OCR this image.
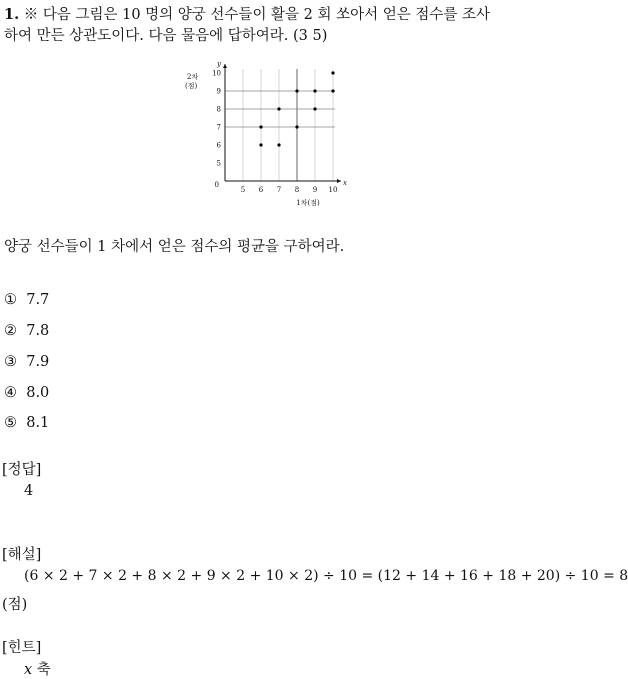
1. ※ 다음 그림은 10 명의 양궁 선수들이 활을 2 회 쏘아서 얻은 점수를 조사
하여 만든 상관도이다. 다음 물음에 답하여라. (3 5)
5 6 7 8 9 10
5
6
7
8
9
10
0	x
y
1차(점)
2차
(점)
양궁 선수들이 1 차에서 얻은 점수의 평균을 구하여라.
① 7.7
② 7.8
③ 7.9
④ 8.0
⑤ 8.1
[정답]
4
[해설]
(6 × 2 + 7 × 2 + 8 × 2 + 9 × 2 + 10 × 2) ÷ 10 = (12 + 14 + 16 + 18 + 20) ÷ 10 = 8
(점)
[힌트]
x 축
